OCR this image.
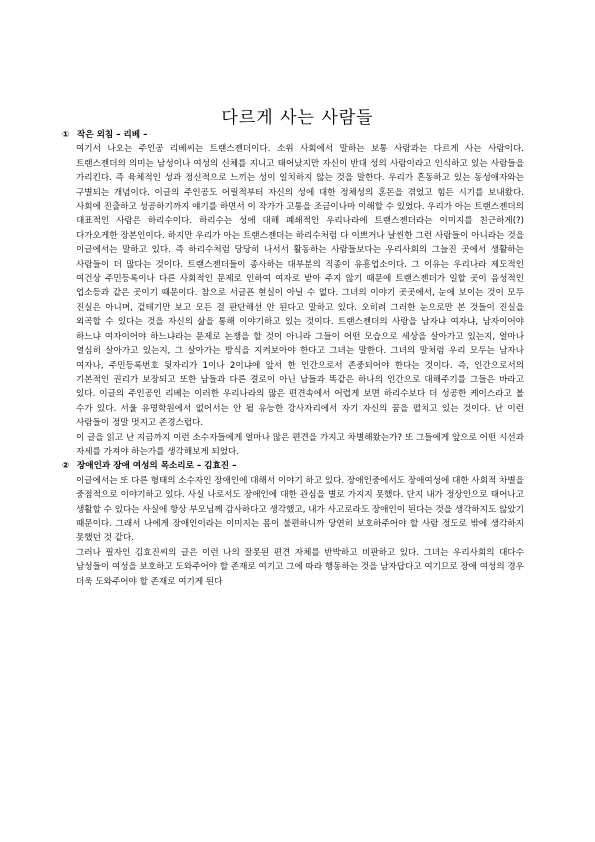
다르게 사는 사람들

① 작은 외침 – 리베 –

여기서 나오는 주인공 리베씨는 트랜스젠더이다. 소위 사회에서 말하는 보통 사람과는 다르게 사는 사람이다. 트랜스젠더의 의미는 남성이나 여성의 신체를 지니고 태어났지만 자신이 반대 성의 사람이라고 인식하고 있는 사람들을 가리킨다. 즉 육체적인 성과 정신적으로 느끼는 성이 일치하지 않는 것을 말한다. 우리가 흔동하고 있는 동성애자와는 구별되는 개념이다. 이글의 주인공도 어릴적부터 자신의 성에 대한 정체성의 혼돈을 겪었고 힘든 시기를 보내왔다. 사회에 진출하고 성공하기까지 얘기를 하면서 이 작가가 고통을 조금이나마 이해할 수 있었다. 우리가 아는 트랜스젠더의 대표적인 사람은 하리수이다. 하리수는 성에 대해 폐쇄적인 우리나라에 트랜스젠더라는 이미지를 친근하게(?) 다가오게한 장본인이다. 하지만 우리가 아는 트랜스젠더는 하리수처럼 다 이쁘거나 날씬한 그런 사람들이 아니라는 것을 이글에서는 말하고 있다. 즉 하리수처럼 당당히 나서서 활동하는 사람들보다는 우리사회의 그늘진 곳에서 생활하는 사람들이 더 많다는 것이다. 트랜스젠더들이 종사하는 대부분의 직종이 유흥업소이다. 그 이유는 우리나라 제도적인 여건상 주민등록이나 다른 사회적인 문제로 인하여 여자로 받아 주지 않기 때문에 트랜스젠더가 일할 곳이 음성적인 업소등과 같은 곳이기 때문이다. 참으로 서글픈 현실이 아닐 수 없다. 그녀의 이야기 곳곳에서, 눈에 보이는 것이 모두 진실은 아니며, 겉테기만 보고 모든 걸 판단해선 안 된다고 말하고 있다. 오히려 그러한 눈으로만 본 것들이 진실을 외곡할 수 있다는 것을 자신의 삶을 통해 이야기하고 있는 것이다. 트랜스젠더의 사랑을 남자냐 여자냐, 남자이어야 하느냐 여자이어야 하느냐라는 문제로 논쟁을 할 것이 아니라 그들이 어떤 모습으로 세상을 살아가고 있는지, 얼마나 열심히 살아가고 있는지, 그 살아가는 방식을 지켜보아야 한다고 그녀는 말한다. 그녀의 말처럼 우리 모두는 남자나 여자나, 주민등록번호 뒷자리가 1이나 2이냐에 앞서 한 인간으로서 존중되어야 한다는 것이다. 즉, 인간으로서의 기본적인 권리가 보장되고 또한 남들과 다른 결로이 아닌 남들과 똑같은 하나의 인간으로 대해주기를 그들은 바라고 있다. 이글의 주인공인 리베는 이러한 우리나라의 많은 편견속에서 어렵게 보면 하리수보다 더 성공한 케이스라고 볼 수가 있다. 서울 유명학원에서 없어서는 안 될 유능한 강사자리에서 자기 자신의 꿈을 펼치고 있는 것이다. 난 이런 사람들이 정말 멋지고 존경스럽다.

이 글을 읽고 난 지금까지 이런 소수자들에게 얼마나 많은 편견을 가지고 차별해왔는가? 또 그들에게 앞으로 어떤 시선과 자세를 가져야 하는가를 생각해보게 되었다.

② 장애인과 장애 여성의 목소리로 – 김효진 –

이글에서는 또 다른 형태의 소수자인 장애인에 대해서 이야기 하고 있다. 장애인중에서도 장애여성에 대한 사회적 차별을 중점적으로 이야기하고 있다. 사실 나로서도 장애인에 대한 관심을 별로 가지지 못했다. 단지 내가 정상인으로 태어나고 생활할 수 있다는 사실에 항상 부모님께 감사하다고 생각했고, 내가 사고로라도 장애인이 된다는 것을 생각하지도 않았기 때문이다. 그래서 나에게 장애인이라는 이미지는 몸이 불편하니까 당연히 보호하주어야 할 사람 정도로 밖에 생각하지 못했던 것 같다.

그러나 필자인 김효진씨의 글은 이런 나의 잘못된 편견 자체를 반박하고 비판하고 있다. 그녀는 우리사회의 대다수 남성들이 여성을 보호하고 도와주어야 할 존재로 여기고 그에 따라 행동하는 것을 남자답다고 여기므로 장애 여성의 경우 더욱 도와주어야 할 존재로 여기게 된다
